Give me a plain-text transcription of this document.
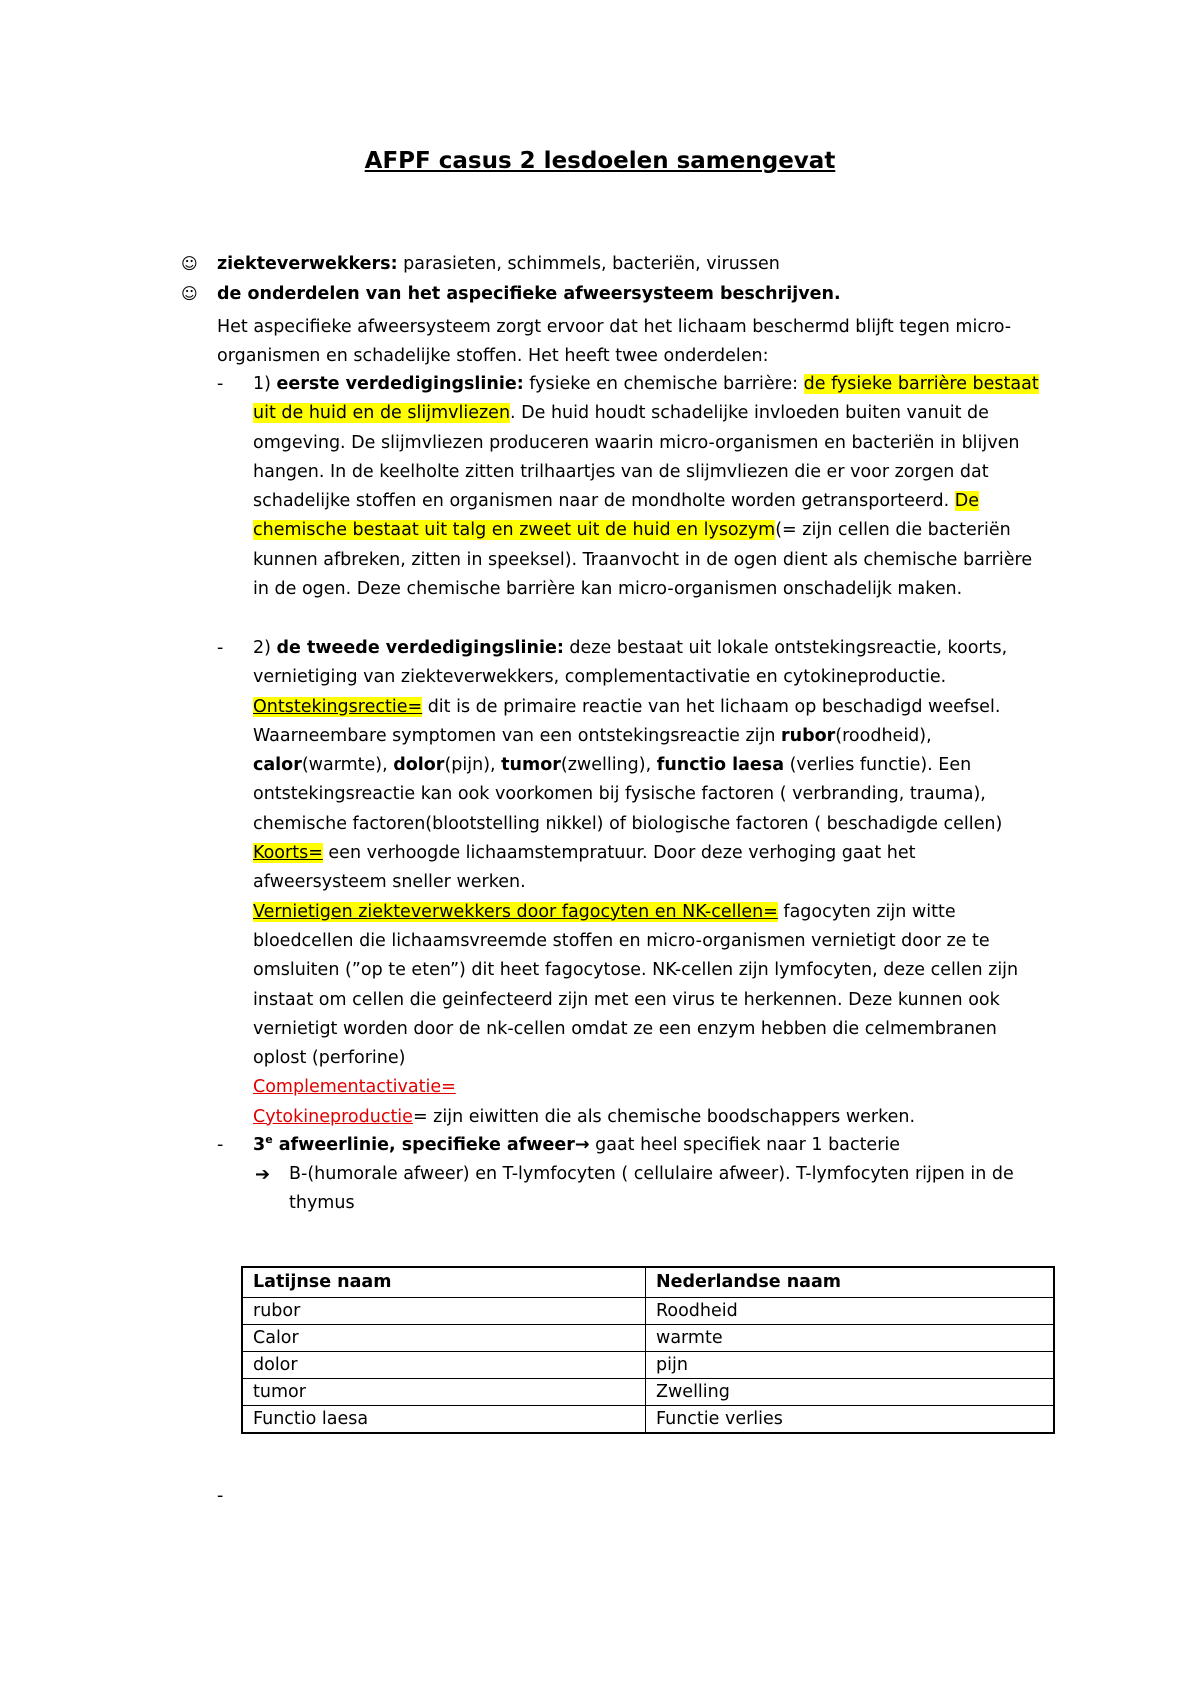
AFPF casus 2 lesdoelen samengevat
☺ ziekteverwekkers: parasieten, schimmels, bacteriën, virussen
☺ de onderdelen van het aspecifieke afweersysteem beschrijven.
Het aspecifieke afweersysteem zorgt ervoor dat het lichaam beschermd blijft tegen micro-organismen en schadelijke stoffen. Het heeft twee onderdelen:
- 1) eerste verdedigingslinie: fysieke en chemische barrière: de fysieke barrière bestaat uit de huid en de slijmvliezen. De huid houdt schadelijke invloeden buiten vanuit de omgeving. De slijmvliezen produceren waarin micro-organismen en bacteriën in blijven hangen. In de keelholte zitten trilhaartjes van de slijmvliezen die er voor zorgen dat schadelijke stoffen en organismen naar de mondholte worden getransporteerd. De chemische bestaat uit talg en zweet uit de huid en lysozym(= zijn cellen die bacteriën kunnen afbreken, zitten in speeksel). Traanvocht in de ogen dient als chemische barrière in de ogen. Deze chemische barrière kan micro-organismen onschadelijk maken.
- 2) de tweede verdedigingslinie: deze bestaat uit lokale ontstekingsreactie, koorts, vernietiging van ziekteverwekkers, complementactivatie en cytokineproductie.

Ontstekingsrectie= dit is de primaire reactie van het lichaam op beschadigd weefsel. Waarneembare symptomen van een ontstekingsreactie zijn rubor(roodheid), calor(warmte), dolor(pijn), tumor(zwelling), functio laesa (verlies functie). Een ontstekingsreactie kan ook voorkomen bij fysische factoren ( verbranding, trauma), chemische factoren(blootstelling nikkel) of biologische factoren ( beschadigde cellen)

Koorts= een verhoogde lichaamstempratuur. Door deze verhoging gaat het afweersysteem sneller werken.

Vernietigen ziekteverwekkers door fagocyten en NK-cellen= fagocyten zijn witte bloedcellen die lichaamsvreemde stoffen en micro-organismen vernietigt door ze te omsluiten (”op te eten”) dit heet fagocytose. NK-cellen zijn lymfocyten, deze cellen zijn instaat om cellen die geinfecteerd zijn met een virus te herkennen. Deze kunnen ook vernietigt worden door de nk-cellen omdat ze een enzym hebben die celmembranen oplost (perforine)

Complementactivatie=

Cytokineproductie= zijn eiwitten die als chemische boodschappers werken.

- 3e afweerlinie, specifieke afweer→ gaat heel specifiek naar 1 bacterie
➔ B-(humorale afweer) en T-lymfocyten ( cellulaire afweer). T-lymfocyten rijpen in de thymus
Latijnse naam	Nederlandse naam
rubor	Roodheid
Calor	warmte
dolor	pijn
tumor	Zwelling
Functio laesa	Functie verlies
-
